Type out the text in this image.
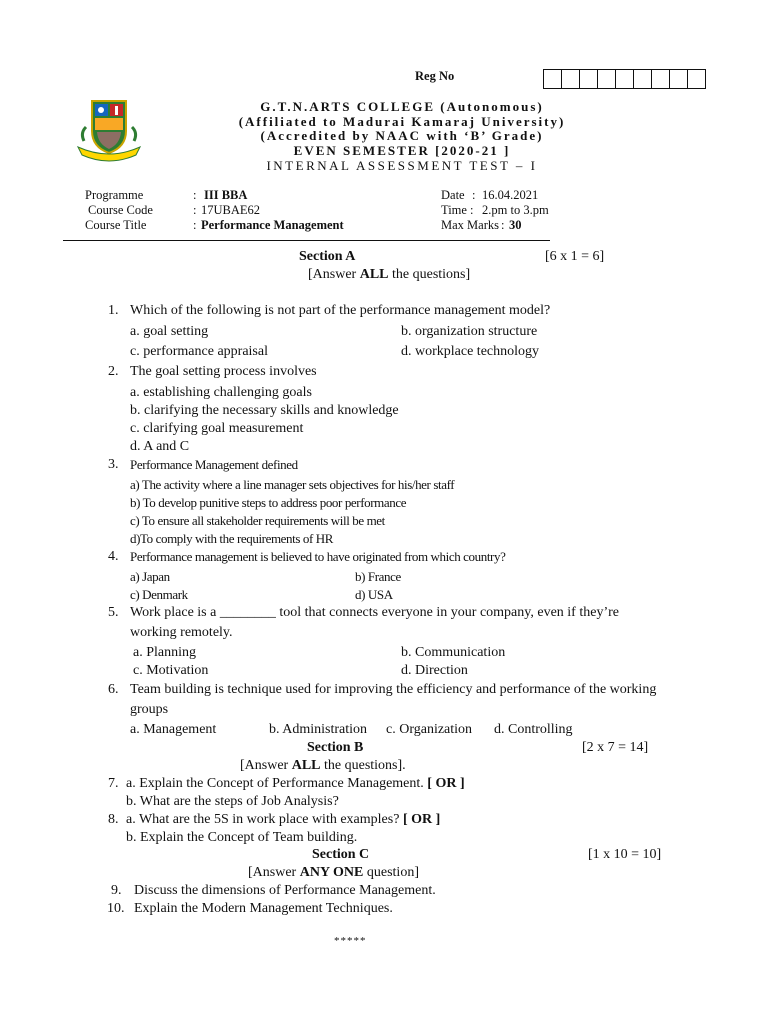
Reg No
G.T.N.ARTS COLLEGE (Autonomous)
(Affiliated to Madurai Kamaraj University)
(Accredited by NAAC with ‘B’ Grade)
EVEN SEMESTER [2020-21 ]
INTERNAL ASSESSMENT TEST – I
Programme	: III BBA
Course Code	: 17UBAE62
Course Title	: Performance Management
Date : 16.04.2021
Time : 2.pm to 3.pm
Max Marks : 30
Section A	[6 x 1 = 6]
[Answer ALL the questions]
1. Which of the following is not part of the performance management model?
a. goal setting	b. organization structure
c. performance appraisal	d. workplace technology
2. The goal setting process involves
a. establishing challenging goals
b. clarifying the necessary skills and knowledge
c. clarifying goal measurement
d. A and C
3. Performance Management defined
a) The activity where a line manager sets objectives for his/her staff
b) To develop punitive steps to address poor performance
c) To ensure all stakeholder requirements will be met
d)To comply with the requirements of HR
4. Performance management is believed to have originated from which country?
a) Japan	b) France
c) Denmark	d) USA
5. Work place is a ________ tool that connects everyone in your company, even if they’re
working remotely.
a. Planning	b. Communication
c. Motivation	d. Direction
6. Team building is technique used for improving the efficiency and performance of the working
groups
a. Management	b. Administration c. Organization d. Controlling
Section B	[2 x 7 = 14]
[Answer ALL the questions].
7. a. Explain the Concept of Performance Management. [ OR ]
b. What are the steps of Job Analysis?
8. a. What are the 5S in work place with examples? [ OR ]
b. Explain the Concept of Team building.
Section C	[1 x 10 = 10]
[Answer ANY ONE question]
9. Discuss the dimensions of Performance Management.
10. Explain the Modern Management Techniques.
*****
